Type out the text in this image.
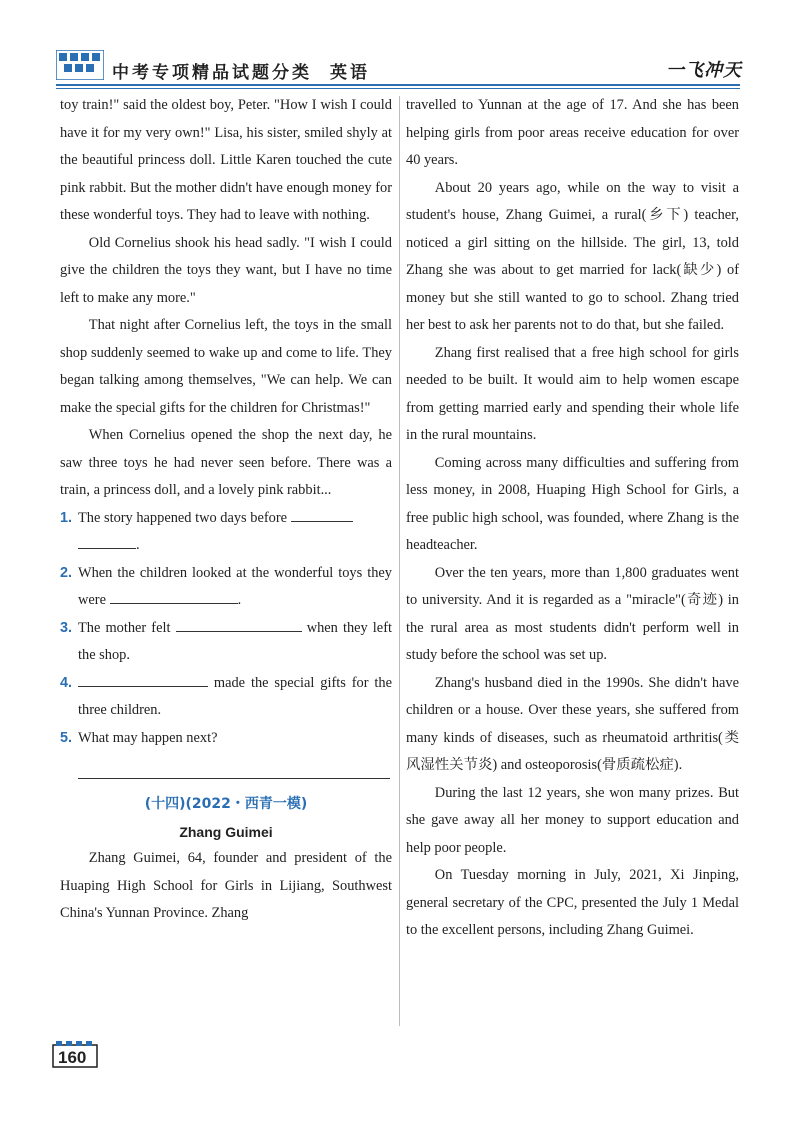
中考专项精品试题分类 英语	一飞冲天

toy train!" said the oldest boy, Peter. "How I wish I could have it for my very own!" Lisa, his sister, smiled shyly at the beautiful princess doll. Little Karen touched the cute pink rabbit. But the mother didn't have enough money for these wonderful toys. They had to leave with nothing.

Old Cornelius shook his head sadly. "I wish I could give the children the toys they want, but I have no time left to make any more."

That night after Cornelius left, the toys in the small shop suddenly seemed to wake up and come to life. They began talking among themselves, "We can help. We can make the special gifts for the children for Christmas!"

When Cornelius opened the shop the next day, he saw three toys he had never seen before. There was a train, a princess doll, and a lovely pink rabbit...

1. The story happened two days before
.
2. When the children looked at the wonderful toys they were	.
3. The mother felt	when they left the shop.
4.	made the special gifts for the three children.
5. What may happen next?
(十四)(2022・西青一模)
Zhang Guimei

Zhang Guimei, 64, founder and president of the Huaping High School for Girls in Lijiang, Southwest China's Yunnan Province. Zhang

travelled to Yunnan at the age of 17. And she has been helping girls from poor areas receive education for over 40 years.

About 20 years ago, while on the way to visit a student's house, Zhang Guimei, a rural(乡下) teacher, noticed a girl sitting on the hillside. The girl, 13, told Zhang she was about to get married for lack(缺少) of money but she still wanted to go to school. Zhang tried her best to ask her parents not to do that, but she failed.

Zhang first realised that a free high school for girls needed to be built. It would aim to help women escape from getting married early and spending their whole life in the rural mountains.

Coming across many difficulties and suffering from less money, in 2008, Huaping High School for Girls, a free public high school, was founded, where Zhang is the headteacher.

Over the ten years, more than 1,800 graduates went to university. And it is regarded as a "miracle"(奇迹) in the rural area as most students didn't perform well in study before the school was set up.

Zhang's husband died in the 1990s. She didn't have children or a house. Over these years, she suffered from many kinds of diseases, such as rheumatoid arthritis(类风湿性关节炎) and osteoporosis(骨质疏松症).

During the last 12 years, she won many prizes. But she gave away all her money to support education and help poor people.

On Tuesday morning in July, 2021, Xi Jinping, general secretary of the CPC, presented the July 1 Medal to the excellent persons, including Zhang Guimei.

160
